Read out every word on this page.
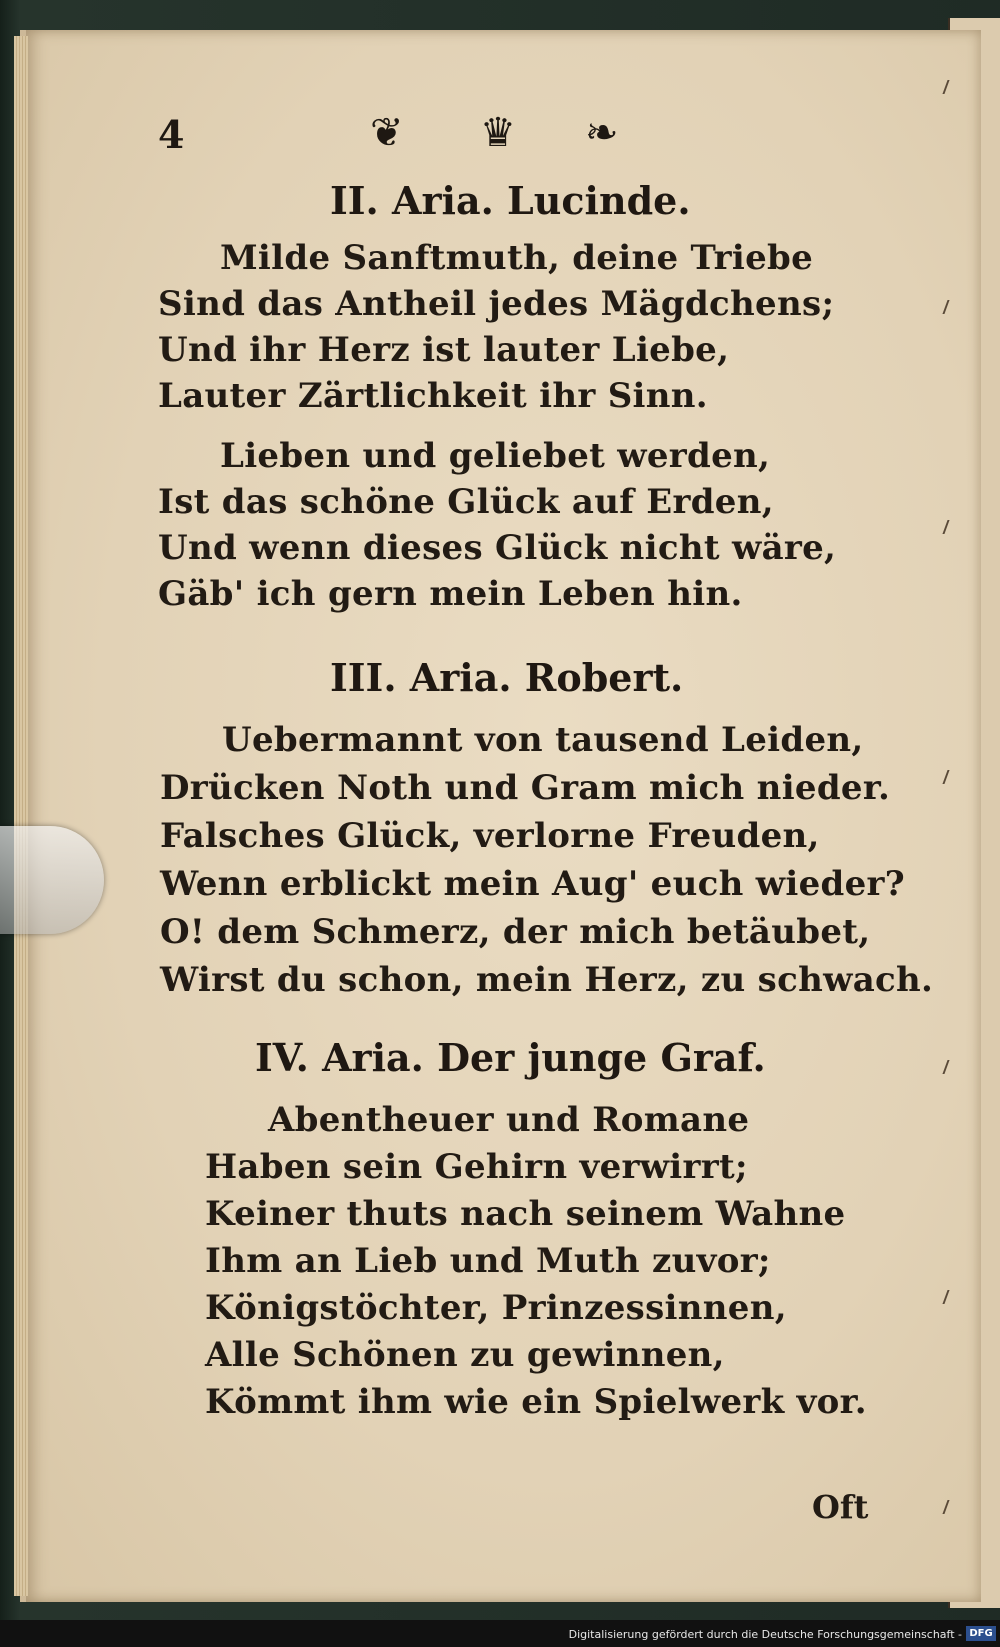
4	❦ ♛ ❧
II. Aria. Lucinde.
Milde Sanftmuth, deine Triebe
Sind das Antheil jedes Mägdchens;
Und ihr Herz ist lauter Liebe,
Lauter Zärtlichkeit ihr Sinn.
Lieben und geliebet werden,
Ist das schöne Glück auf Erden,
Und wenn dieses Glück nicht wäre,
Gäb' ich gern mein Leben hin.
III. Aria. Robert.
Uebermannt von tausend Leiden,
Drücken Noth und Gram mich nieder.
Falsches Glück, verlorne Freuden,
Wenn erblickt mein Aug' euch wieder?
O! dem Schmerz, der mich betäubet,
Wirst du schon, mein Herz, zu schwach.
IV. Aria. Der junge Graf.
Abentheuer und Romane
Haben sein Gehirn verwirrt;
Keiner thuts nach seinem Wahne
Ihm an Lieb und Muth zuvor;
Königstöchter, Prinzessinnen,
Alle Schönen zu gewinnen,
Kömmt ihm wie ein Spielwerk vor.
Oft
Digitalisierung gefördert durch die Deutsche Forschungsgemeinschaft - DFG
